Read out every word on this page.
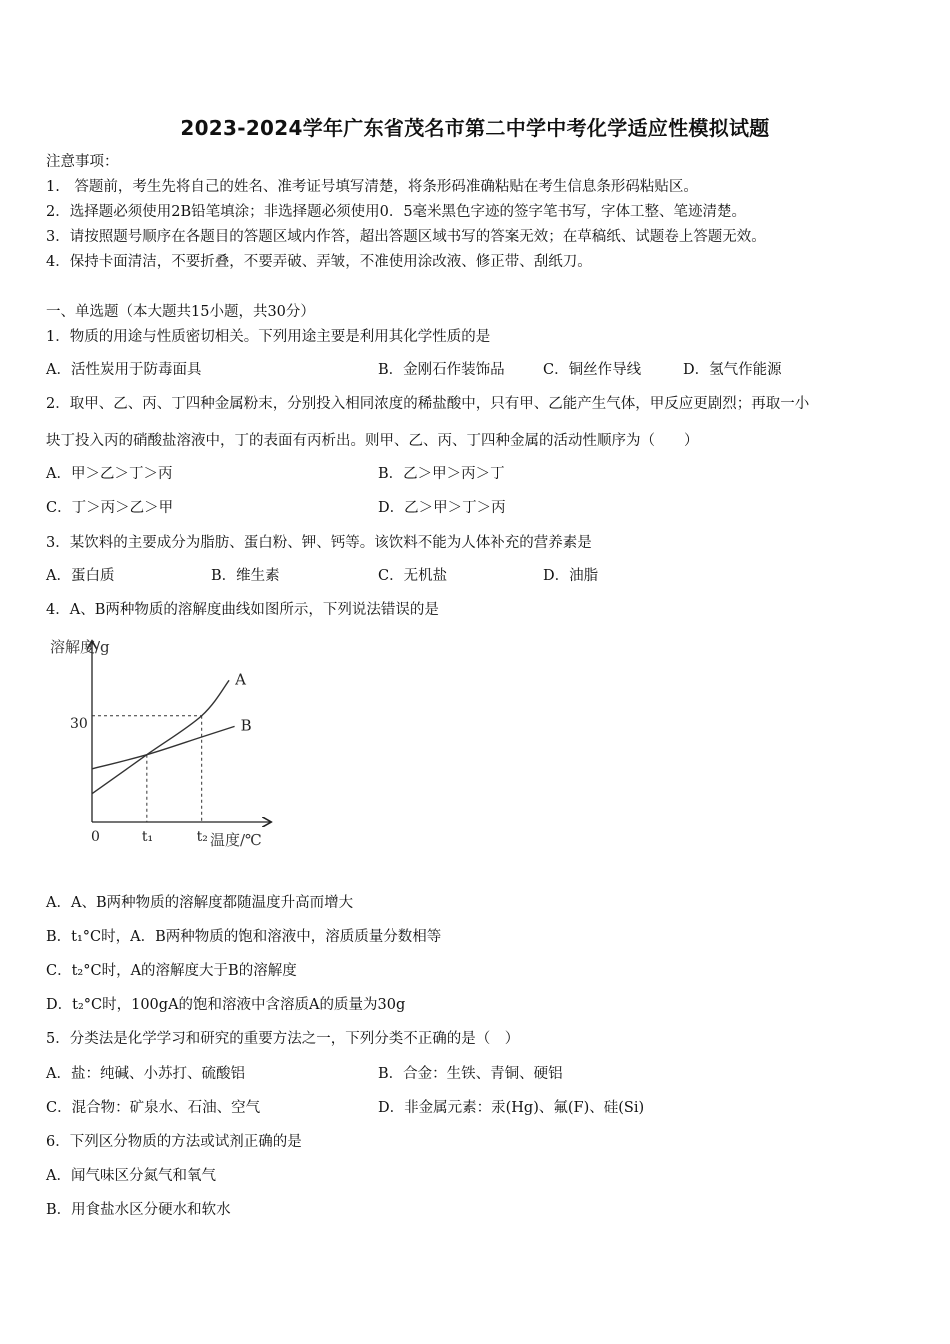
2023-2024学年广东省茂名市第二中学中考化学适应性模拟试题
注意事项：
1.　答题前，考生先将自己的姓名、准考证号填写清楚，将条形码准确粘贴在考生信息条形码粘贴区。
2．选择题必须使用2B铅笔填涂；非选择题必须使用0．5毫米黑色字迹的签字笔书写，字体工整、笔迹清楚。
3．请按照题号顺序在各题目的答题区域内作答，超出答题区域书写的答案无效；在草稿纸、试题卷上答题无效。
4．保持卡面清洁，不要折叠，不要弄破、弄皱，不准使用涂改液、修正带、刮纸刀。
一、单选题（本大题共15小题，共30分）
1．物质的用途与性质密切相关。下列用途主要是利用其化学性质的是
A．活性炭用于防毒面具	B．金刚石作装饰品	C．铜丝作导线	D．氢气作能源
2．取甲、乙、丙、丁四种金属粉末，分别投入相同浓度的稀盐酸中，只有甲、乙能产生气体，甲反应更剧烈；再取一小
块丁投入丙的硝酸盐溶液中，丁的表面有丙析出。则甲、乙、丙、丁四种金属的活动性顺序为（　　）
A．甲＞乙＞丁＞丙	B．乙＞甲＞丙＞丁
C．丁＞丙＞乙＞甲	D．乙＞甲＞丁＞丙
3．某饮料的主要成分为脂肪、蛋白粉、钾、钙等。该饮料不能为人体补充的营养素是
A．蛋白质	B．维生素	C．无机盐	D．油脂
4．A、B两种物质的溶解度曲线如图所示，下列说法错误的是
溶解度/g
温度/℃
0
30
A
B
t₁	t₂
A．A、B两种物质的溶解度都随温度升高而增大
B．t₁°C时，A．B两种物质的饱和溶液中，溶质质量分数相等
C．t₂°C时，A的溶解度大于B的溶解度
D．t₂°C时，100gA的饱和溶液中含溶质A的质量为30g
5．分类法是化学学习和研究的重要方法之一，下列分类不正确的是（　）
A．盐：纯碱、小苏打、硫酸铝	B．合金：生铁、青铜、硬铝
C．混合物：矿泉水、石油、空气	D．非金属元素：汞(Hg)、氟(F)、硅(Si)
6．下列区分物质的方法或试剂正确的是
A．闻气味区分氮气和氧气
B．用食盐水区分硬水和软水
